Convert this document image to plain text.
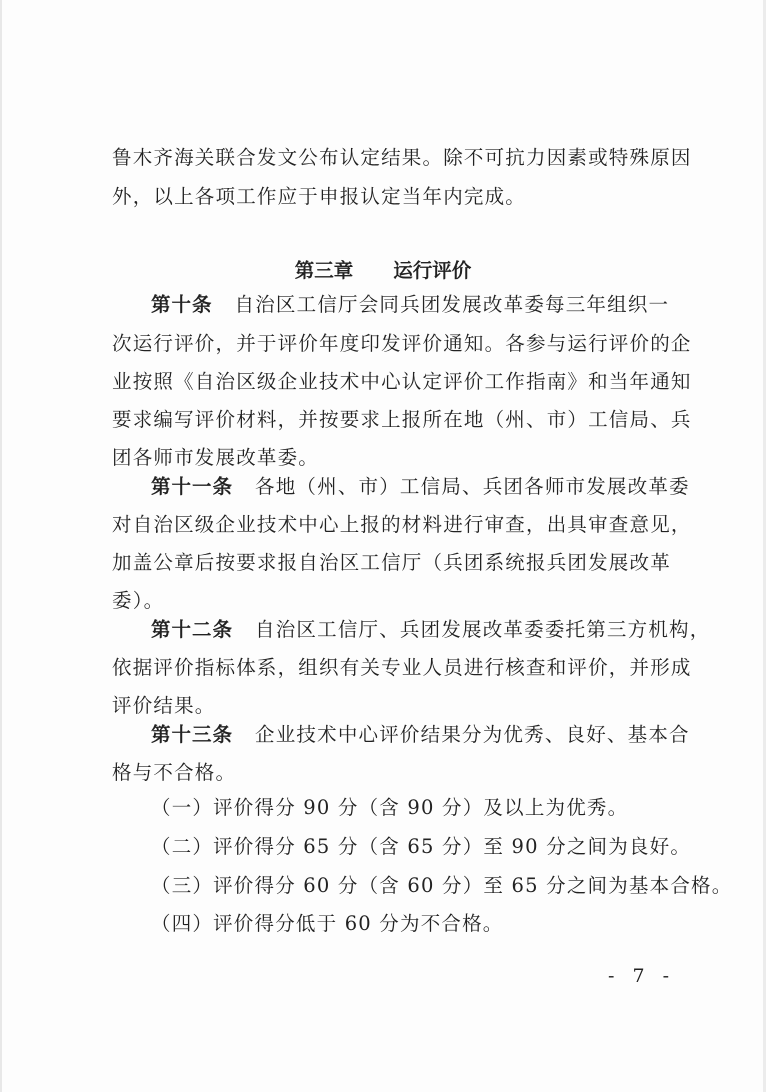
鲁木齐海关联合发文公布认定结果。除不可抗力因素或特殊原因
外，以上各项工作应于申报认定当年内完成。
第三章 运行评价
第十条 自治区工信厅会同兵团发展改革委每三年组织一
次运行评价，并于评价年度印发评价通知。各参与运行评价的企
业按照《自治区级企业技术中心认定评价工作指南》和当年通知
要求编写评价材料，并按要求上报所在地（州、市）工信局、兵
团各师市发展改革委。
第十一条 各地（州、市）工信局、兵团各师市发展改革委
对自治区级企业技术中心上报的材料进行审查，出具审查意见，
加盖公章后按要求报自治区工信厅（兵团系统报兵团发展改革
委）。
第十二条 自治区工信厅、兵团发展改革委委托第三方机构，
依据评价指标体系，组织有关专业人员进行核查和评价，并形成
评价结果。
第十三条 企业技术中心评价结果分为优秀、良好、基本合
格与不合格。
（一）评价得分 90 分（含 90 分）及以上为优秀。
（二）评价得分 65 分（含 65 分）至 90 分之间为良好。
（三）评价得分 60 分（含 60 分）至 65 分之间为基本合格。
（四）评价得分低于 60 分为不合格。
- 7 -
